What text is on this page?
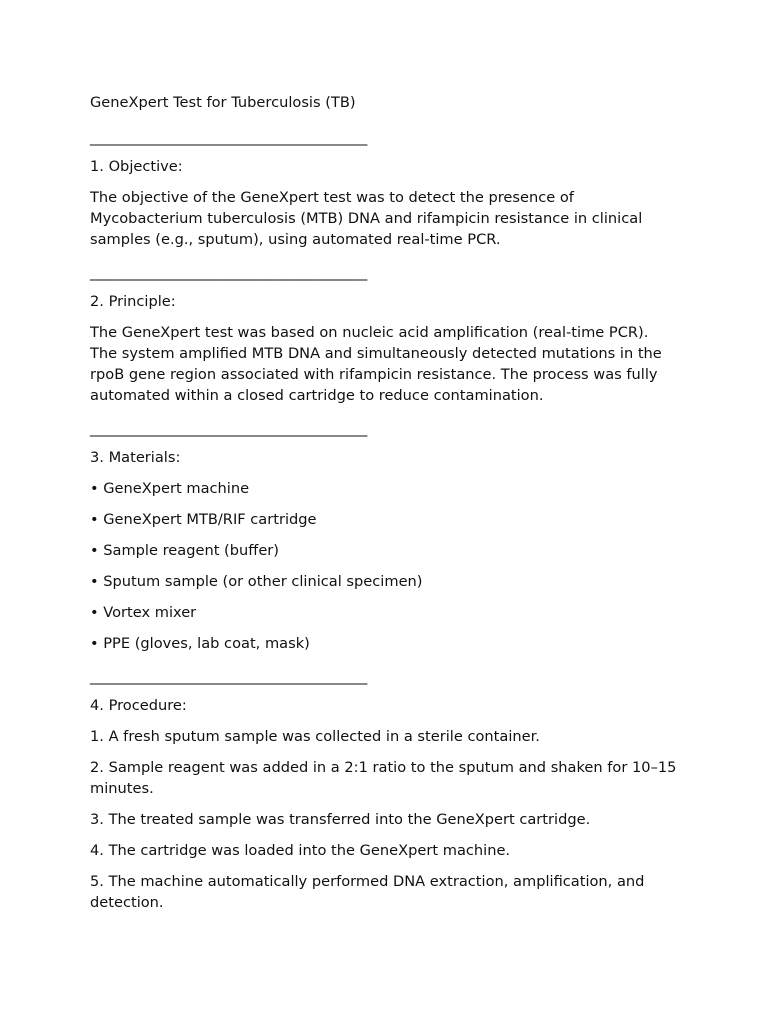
GeneXpert Test for Tuberculosis (TB)
______________________________________
1. Objective:
The objective of the GeneXpert test was to detect the presence of Mycobacterium tuberculosis (MTB) DNA and rifampicin resistance in clinical samples (e.g., sputum), using automated real-time PCR.
______________________________________
2. Principle:
The GeneXpert test was based on nucleic acid amplification (real-time PCR). The system amplified MTB DNA and simultaneously detected mutations in the rpoB gene region associated with rifampicin resistance. The process was fully automated within a closed cartridge to reduce contamination.
______________________________________
3. Materials:
• GeneXpert machine
• GeneXpert MTB/RIF cartridge
• Sample reagent (buffer)
• Sputum sample (or other clinical specimen)
• Vortex mixer
• PPE (gloves, lab coat, mask)
______________________________________
4. Procedure:
1. A fresh sputum sample was collected in a sterile container.
2. Sample reagent was added in a 2:1 ratio to the sputum and shaken for 10–15 minutes.
3. The treated sample was transferred into the GeneXpert cartridge.
4. The cartridge was loaded into the GeneXpert machine.
5. The machine automatically performed DNA extraction, amplification, and detection.
